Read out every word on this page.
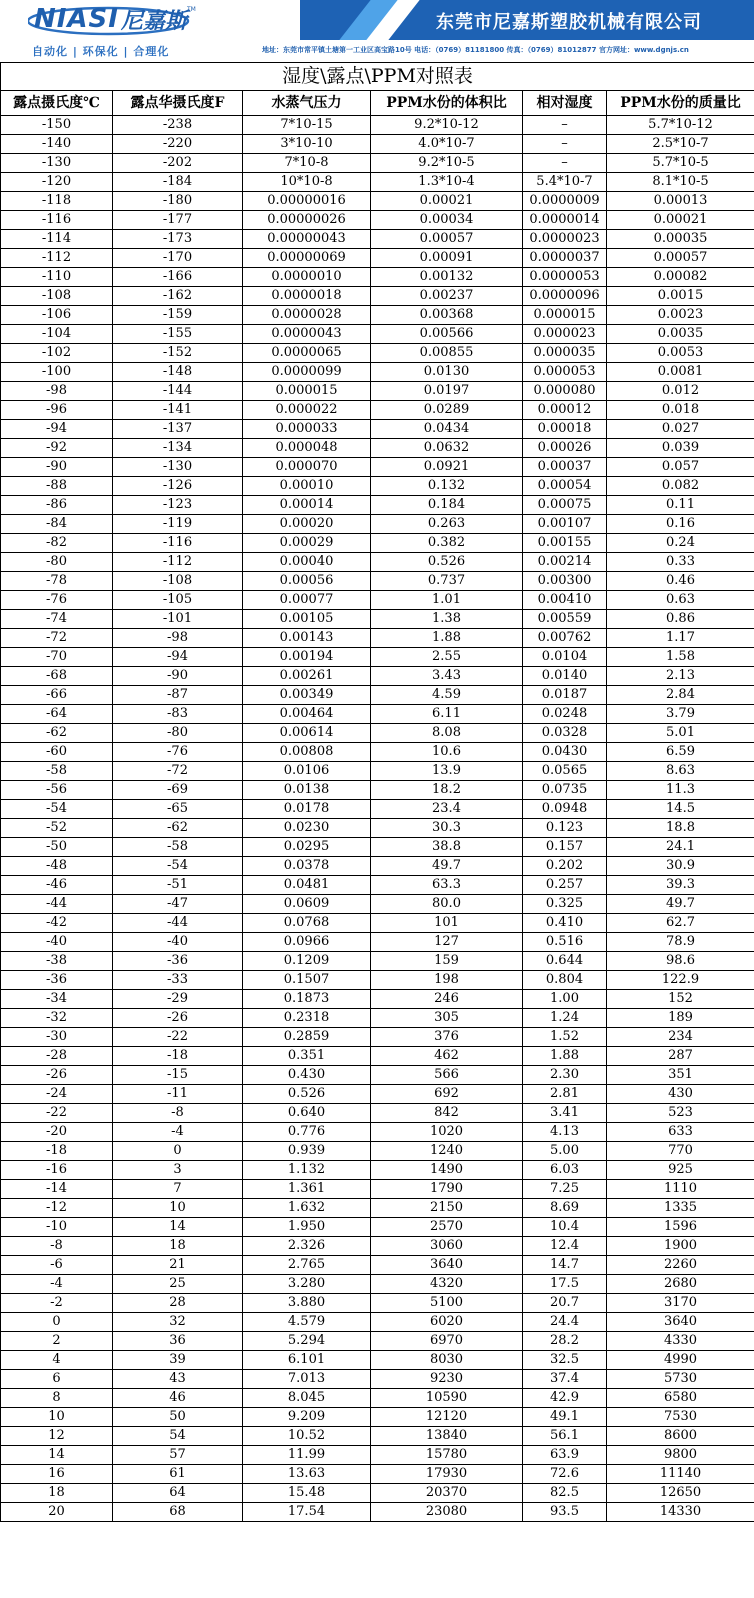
东莞市尼嘉斯塑胶机械有限公司
NIASI 尼嘉斯 TM
自动化 | 环保化 | 合理化	地址：东莞市常平镇土塘第一工业区高宝路10号 电话：（0769）81181800 传真：（0769）81012877 官方网址：www.dgnjs.cn
湿度\露点\PPM对照表					
露点摄氏度℃	露点华摄氏度F	水蒸气压力	PPM水份的体积比	相对湿度	PPM水份的质量比
-150	-238	7*10-15	9.2*10-12	–	5.7*10-12
-140	-220	3*10-10	4.0*10-7	–	2.5*10-7
-130	-202	7*10-8	9.2*10-5	–	5.7*10-5
-120	-184	10*10-8	1.3*10-4	5.4*10-7	8.1*10-5
-118	-180	0.00000016	0.00021	0.0000009	0.00013
-116	-177	0.00000026	0.00034	0.0000014	0.00021
-114	-173	0.00000043	0.00057	0.0000023	0.00035
-112	-170	0.00000069	0.00091	0.0000037	0.00057
-110	-166	0.0000010	0.00132	0.0000053	0.00082
-108	-162	0.0000018	0.00237	0.0000096	0.0015
-106	-159	0.0000028	0.00368	0.000015	0.0023
-104	-155	0.0000043	0.00566	0.000023	0.0035
-102	-152	0.0000065	0.00855	0.000035	0.0053
-100	-148	0.0000099	0.0130	0.000053	0.0081
-98	-144	0.000015	0.0197	0.000080	0.012
-96	-141	0.000022	0.0289	0.00012	0.018
-94	-137	0.000033	0.0434	0.00018	0.027
-92	-134	0.000048	0.0632	0.00026	0.039
-90	-130	0.000070	0.0921	0.00037	0.057
-88	-126	0.00010	0.132	0.00054	0.082
-86	-123	0.00014	0.184	0.00075	0.11
-84	-119	0.00020	0.263	0.00107	0.16
-82	-116	0.00029	0.382	0.00155	0.24
-80	-112	0.00040	0.526	0.00214	0.33
-78	-108	0.00056	0.737	0.00300	0.46
-76	-105	0.00077	1.01	0.00410	0.63
-74	-101	0.00105	1.38	0.00559	0.86
-72	-98	0.00143	1.88	0.00762	1.17
-70	-94	0.00194	2.55	0.0104	1.58
-68	-90	0.00261	3.43	0.0140	2.13
-66	-87	0.00349	4.59	0.0187	2.84
-64	-83	0.00464	6.11	0.0248	3.79
-62	-80	0.00614	8.08	0.0328	5.01
-60	-76	0.00808	10.6	0.0430	6.59
-58	-72	0.0106	13.9	0.0565	8.63
-56	-69	0.0138	18.2	0.0735	11.3
-54	-65	0.0178	23.4	0.0948	14.5
-52	-62	0.0230	30.3	0.123	18.8
-50	-58	0.0295	38.8	0.157	24.1
-48	-54	0.0378	49.7	0.202	30.9
-46	-51	0.0481	63.3	0.257	39.3
-44	-47	0.0609	80.0	0.325	49.7
-42	-44	0.0768	101	0.410	62.7
-40	-40	0.0966	127	0.516	78.9
-38	-36	0.1209	159	0.644	98.6
-36	-33	0.1507	198	0.804	122.9
-34	-29	0.1873	246	1.00	152
-32	-26	0.2318	305	1.24	189
-30	-22	0.2859	376	1.52	234
-28	-18	0.351	462	1.88	287
-26	-15	0.430	566	2.30	351
-24	-11	0.526	692	2.81	430
-22	-8	0.640	842	3.41	523
-20	-4	0.776	1020	4.13	633
-18	0	0.939	1240	5.00	770
-16	3	1.132	1490	6.03	925
-14	7	1.361	1790	7.25	1110
-12	10	1.632	2150	8.69	1335
-10	14	1.950	2570	10.4	1596
-8	18	2.326	3060	12.4	1900
-6	21	2.765	3640	14.7	2260
-4	25	3.280	4320	17.5	2680
-2	28	3.880	5100	20.7	3170
0	32	4.579	6020	24.4	3640
2	36	5.294	6970	28.2	4330
4	39	6.101	8030	32.5	4990
6	43	7.013	9230	37.4	5730
8	46	8.045	10590	42.9	6580
10	50	9.209	12120	49.1	7530
12	54	10.52	13840	56.1	8600
14	57	11.99	15780	63.9	9800
16	61	13.63	17930	72.6	11140
18	64	15.48	20370	82.5	12650
20	68	17.54	23080	93.5	14330
